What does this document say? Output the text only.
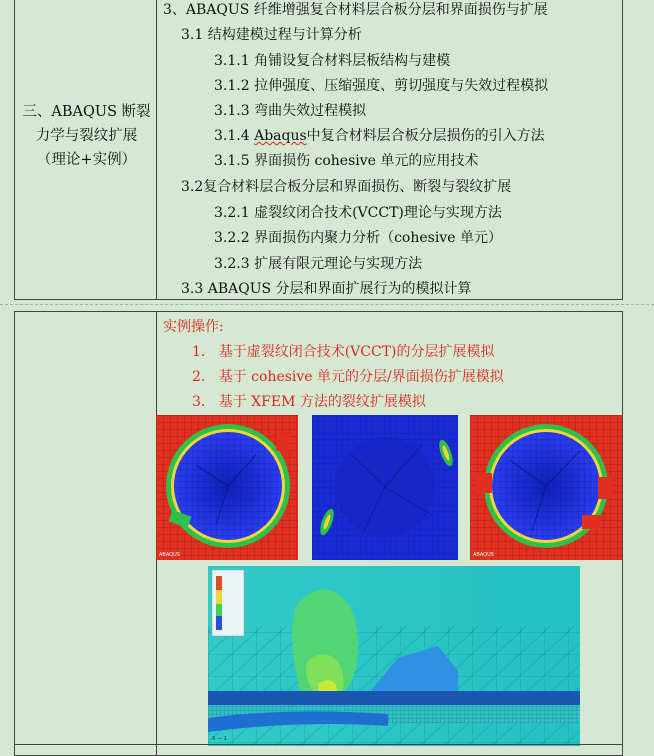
三、ABAQUS 断裂
力学与裂纹扩展
（理论+实例）
3、ABAQUS 纤维增强复合材料层合板分层和界面损伤与扩展
3.1 结构建模过程与计算分析
3.1.1 角铺设复合材料层板结构与建模
3.1.2 拉伸强度、压缩强度、剪切强度与失效过程模拟
3.1.3 弯曲失效过程模拟
3.1.4 Abaqus中复合材料层合板分层损伤的引入方法
3.1.5 界面损伤 cohesive 单元的应用技术
3.2复合材料层合板分层和界面损伤、断裂与裂纹扩展
3.2.1 虚裂纹闭合技术(VCCT)理论与实现方法
3.2.2 界面损伤内聚力分析（cohesive 单元）
3.2.3 扩展有限元理论与实现方法
3.3 ABAQUS 分层和界面扩展行为的模拟计算
实例操作:
1. 基于虚裂纹闭合技术(VCCT)的分层扩展模拟
2. 基于 cohesive 单元的分层/界面损伤扩展模拟
3. 基于 XFEM 方法的裂纹扩展模拟
ABAQUS	ABAQUS
X — 1
